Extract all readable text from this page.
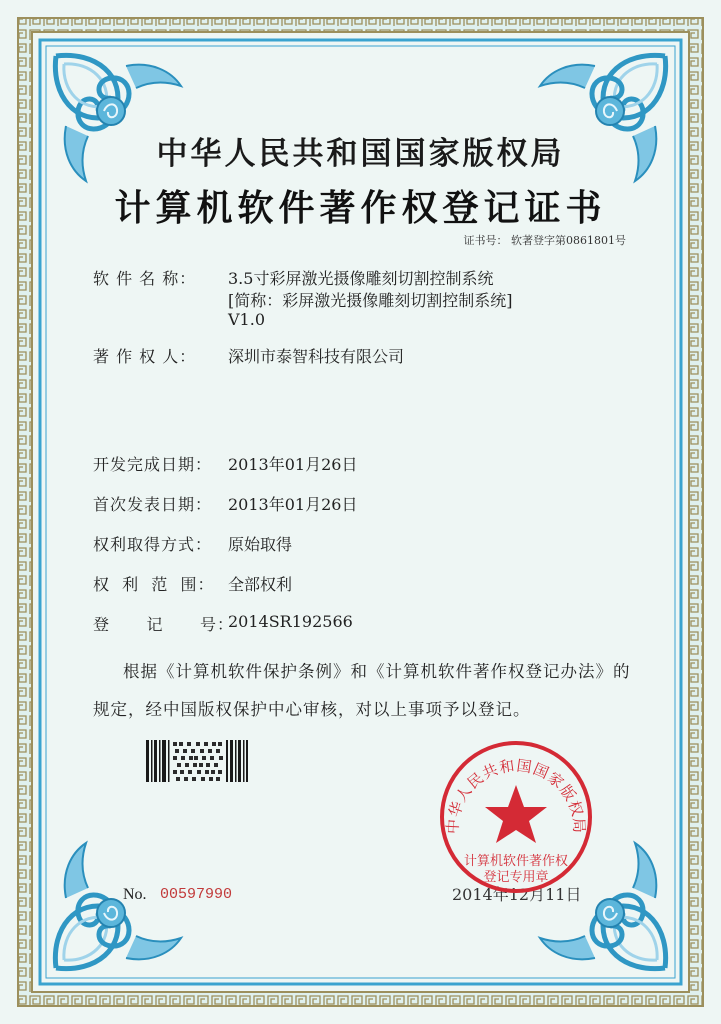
中华人民共和国国家版权局
计算机软件著作权登记证书
证书号： 软著登字第0861801号
软 件 名 称： 3.5寸彩屏激光摄像雕刻切割控制系统
[简称：彩屏激光摄像雕刻切割控制系统]
V1.0
著 作 权 人： 深圳市泰智科技有限公司
开发完成日期： 2013年01月26日
首次发表日期： 2013年01月26日
权利取得方式： 原始取得
权  利  范  围： 全部权利
登      记      号：
2014SR192566
根据《计算机软件保护条例》和《计算机软件著作权登记办法》的
规定，经中国版权保护中心审核，对以上事项予以登记。
No. 00597990	2014年12月11日
中华人民共和国国家版权局
计算机软件著作权
登记专用章
